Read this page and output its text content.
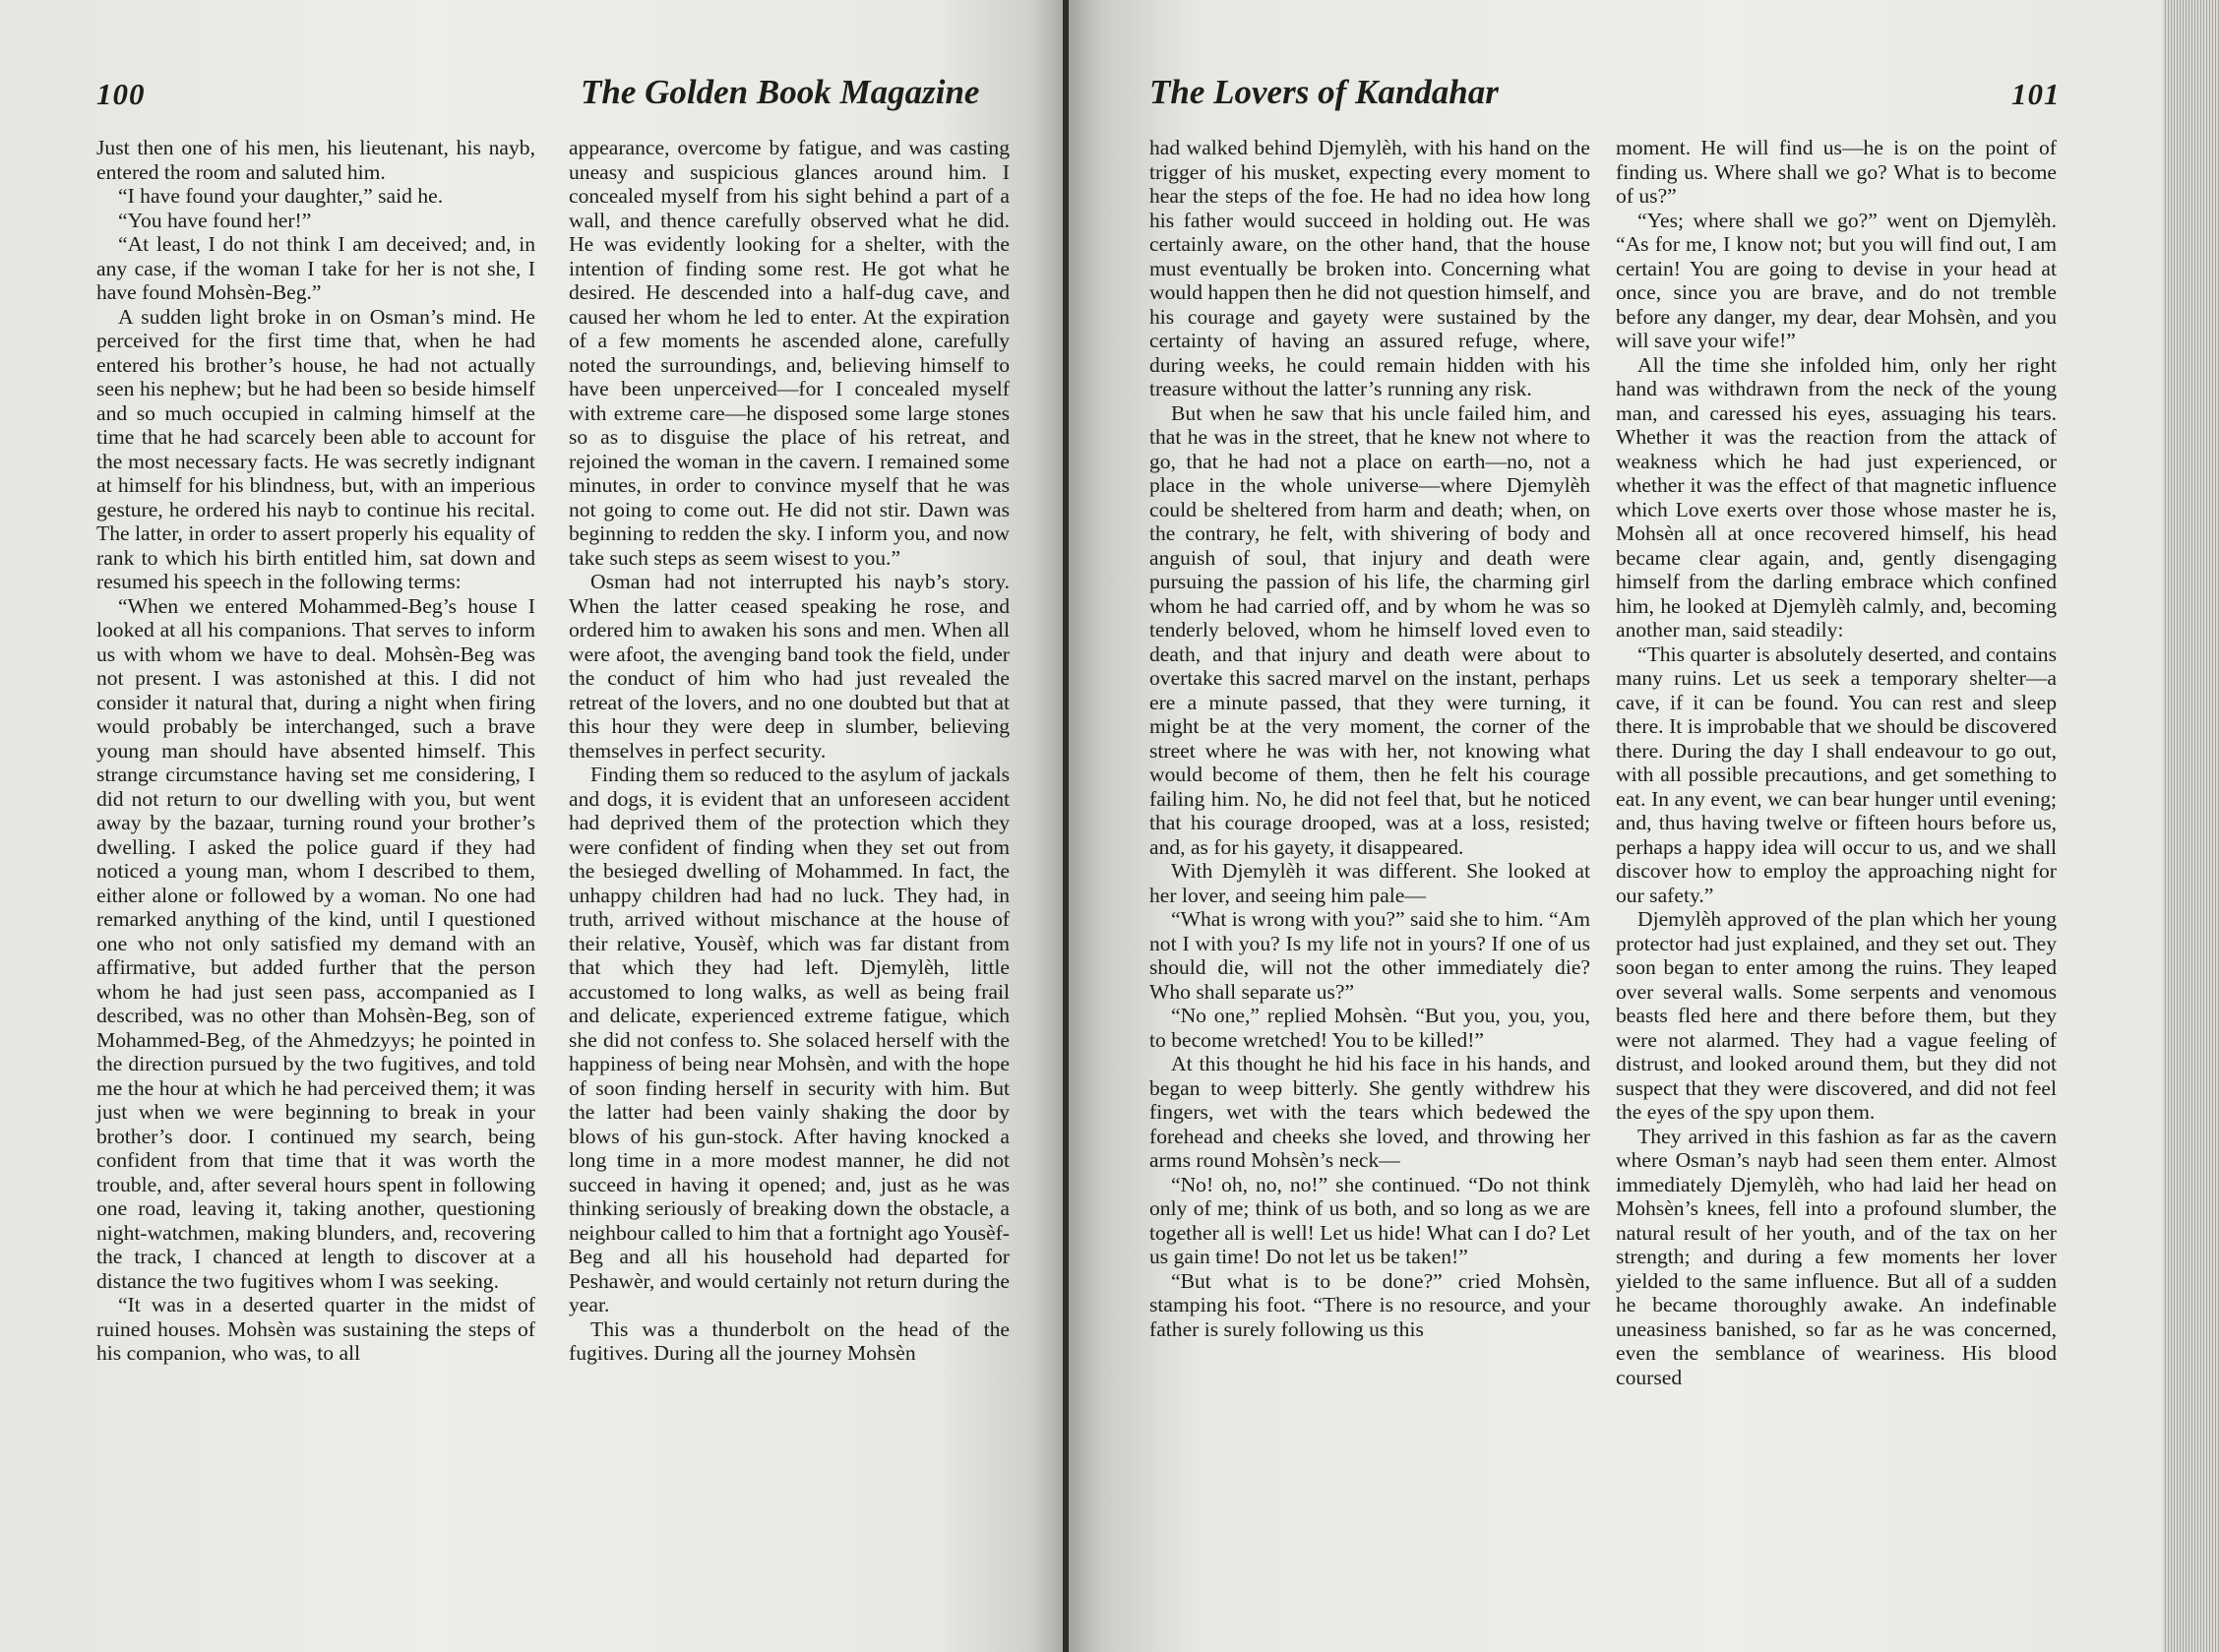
100	The Golden Book Magazine

Just then one of his men, his lieutenant, his nayb, entered the room and saluted him.

“I have found your daughter,” said he.

“You have found her!”

“At least, I do not think I am deceived; and, in any case, if the woman I take for her is not she, I have found Mohsèn-Beg.”

A sudden light broke in on Osman’s mind. He perceived for the first time that, when he had entered his brother’s house, he had not actually seen his nephew; but he had been so beside himself and so much occupied in calming himself at the time that he had scarcely been able to account for the most necessary facts. He was secretly indignant at himself for his blindness, but, with an imperious gesture, he ordered his nayb to continue his recital. The latter, in order to assert properly his equality of rank to which his birth entitled him, sat down and resumed his speech in the following terms:

“When we entered Mohammed-Beg’s house I looked at all his companions. That serves to inform us with whom we have to deal. Mohsèn-Beg was not present. I was astonished at this. I did not consider it natural that, during a night when firing would probably be interchanged, such a brave young man should have absented himself. This strange circumstance having set me considering, I did not return to our dwelling with you, but went away by the bazaar, turning round your brother’s dwelling. I asked the police guard if they had noticed a young man, whom I described to them, either alone or followed by a woman. No one had remarked anything of the kind, until I questioned one who not only satisfied my demand with an affirmative, but added further that the person whom he had just seen pass, accompanied as I described, was no other than Mohsèn-Beg, son of Mohammed-Beg, of the Ahmedzyys; he pointed in the direction pursued by the two fugitives, and told me the hour at which he had perceived them; it was just when we were beginning to break in your brother’s door. I continued my search, being confident from that time that it was worth the trouble, and, after several hours spent in following one road, leaving it, taking another, questioning night-watchmen, making blunders, and, recovering the track, I chanced at length to discover at a distance the two fugitives whom I was seeking.

“It was in a deserted quarter in the midst of ruined houses. Mohsèn was sustaining the steps of his companion, who was, to all

appearance, overcome by fatigue, and was casting uneasy and suspicious glances around him. I concealed myself from his sight behind a part of a wall, and thence carefully observed what he did. He was evidently looking for a shelter, with the intention of finding some rest. He got what he desired. He descended into a half-dug cave, and caused her whom he led to enter. At the expiration of a few moments he ascended alone, carefully noted the surroundings, and, believing himself to have been unperceived—for I concealed myself with extreme care—he disposed some large stones so as to disguise the place of his retreat, and rejoined the woman in the cavern. I remained some minutes, in order to convince myself that he was not going to come out. He did not stir. Dawn was beginning to redden the sky. I inform you, and now take such steps as seem wisest to you.”

Osman had not interrupted his nayb’s story. When the latter ceased speaking he rose, and ordered him to awaken his sons and men. When all were afoot, the avenging band took the field, under the conduct of him who had just revealed the retreat of the lovers, and no one doubted but that at this hour they were deep in slumber, believing themselves in perfect security.

Finding them so reduced to the asylum of jackals and dogs, it is evident that an unforeseen accident had deprived them of the protection which they were confident of finding when they set out from the besieged dwelling of Mohammed. In fact, the unhappy children had had no luck. They had, in truth, arrived without mischance at the house of their relative, Yousèf, which was far distant from that which they had left. Djemylèh, little accustomed to long walks, as well as being frail and delicate, experienced extreme fatigue, which she did not confess to. She solaced herself with the happiness of being near Mohsèn, and with the hope of soon finding herself in security with him. But the latter had been vainly shaking the door by blows of his gun-stock. After having knocked a long time in a more modest manner, he did not succeed in having it opened; and, just as he was thinking seriously of breaking down the obstacle, a neighbour called to him that a fortnight ago Yousèf-Beg and all his household had departed for Peshawèr, and would certainly not return during the year.

This was a thunderbolt on the head of the fugitives. During all the journey Mohsèn

The Lovers of Kandahar	101

had walked behind Djemylèh, with his hand on the trigger of his musket, expecting every moment to hear the steps of the foe. He had no idea how long his father would succeed in holding out. He was certainly aware, on the other hand, that the house must eventually be broken into. Concerning what would happen then he did not question himself, and his courage and gayety were sustained by the certainty of having an assured refuge, where, during weeks, he could remain hidden with his treasure without the latter’s running any risk.

But when he saw that his uncle failed him, and that he was in the street, that he knew not where to go, that he had not a place on earth—no, not a place in the whole universe—where Djemylèh could be sheltered from harm and death; when, on the contrary, he felt, with shivering of body and anguish of soul, that injury and death were pursuing the passion of his life, the charming girl whom he had carried off, and by whom he was so tenderly beloved, whom he himself loved even to death, and that injury and death were about to overtake this sacred marvel on the instant, perhaps ere a minute passed, that they were turning, it might be at the very moment, the corner of the street where he was with her, not knowing what would become of them, then he felt his courage failing him. No, he did not feel that, but he noticed that his courage drooped, was at a loss, resisted; and, as for his gayety, it disappeared.

With Djemylèh it was different. She looked at her lover, and seeing him pale—

“What is wrong with you?” said she to him. “Am not I with you? Is my life not in yours? If one of us should die, will not the other immediately die? Who shall separate us?”

“No one,” replied Mohsèn. “But you, you, you, to become wretched! You to be killed!”

At this thought he hid his face in his hands, and began to weep bitterly. She gently withdrew his fingers, wet with the tears which bedewed the forehead and cheeks she loved, and throwing her arms round Mohsèn’s neck—

“No! oh, no, no!” she continued. “Do not think only of me; think of us both, and so long as we are together all is well! Let us hide! What can I do? Let us gain time! Do not let us be taken!”

“But what is to be done?” cried Mohsèn, stamping his foot. “There is no resource, and your father is surely following us this

moment. He will find us—he is on the point of finding us. Where shall we go? What is to become of us?”

“Yes; where shall we go?” went on Djemylèh. “As for me, I know not; but you will find out, I am certain! You are going to devise in your head at once, since you are brave, and do not tremble before any danger, my dear, dear Mohsèn, and you will save your wife!”

All the time she infolded him, only her right hand was withdrawn from the neck of the young man, and caressed his eyes, assuaging his tears. Whether it was the reaction from the attack of weakness which he had just experienced, or whether it was the effect of that magnetic influence which Love exerts over those whose master he is, Mohsèn all at once recovered himself, his head became clear again, and, gently disengaging himself from the darling embrace which confined him, he looked at Djemylèh calmly, and, becoming another man, said steadily:

“This quarter is absolutely deserted, and contains many ruins. Let us seek a temporary shelter—a cave, if it can be found. You can rest and sleep there. It is improbable that we should be discovered there. During the day I shall endeavour to go out, with all possible precautions, and get something to eat. In any event, we can bear hunger until evening; and, thus having twelve or fifteen hours before us, perhaps a happy idea will occur to us, and we shall discover how to employ the approaching night for our safety.”

Djemylèh approved of the plan which her young protector had just explained, and they set out. They soon began to enter among the ruins. They leaped over several walls. Some serpents and venomous beasts fled here and there before them, but they were not alarmed. They had a vague feeling of distrust, and looked around them, but they did not suspect that they were discovered, and did not feel the eyes of the spy upon them.

They arrived in this fashion as far as the cavern where Osman’s nayb had seen them enter. Almost immediately Djemylèh, who had laid her head on Mohsèn’s knees, fell into a profound slumber, the natural result of her youth, and of the tax on her strength; and during a few moments her lover yielded to the same influence. But all of a sudden he became thoroughly awake. An indefinable uneasiness banished, so far as he was concerned, even the semblance of weariness. His blood coursed
